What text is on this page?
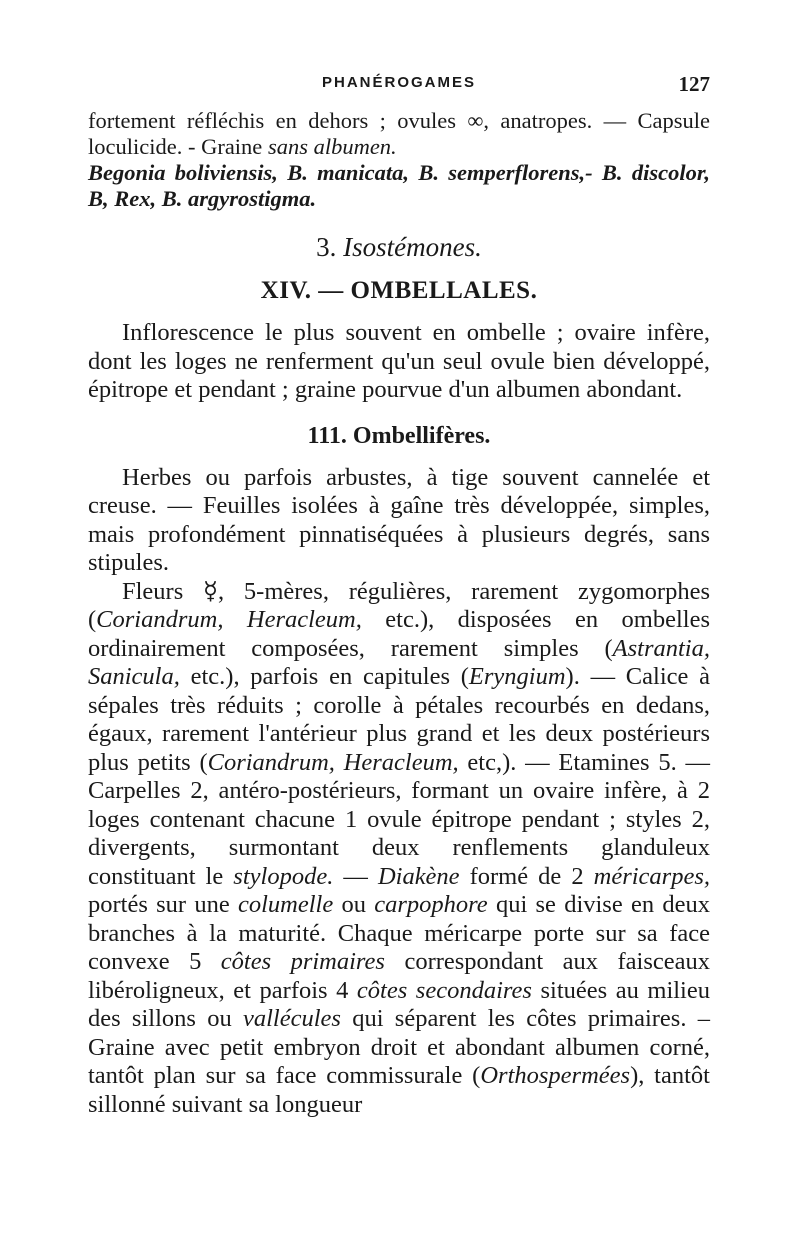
PHANÉROGAMES	127

fortement réfléchis en dehors ; ovules ∞, anatropes. — Capsule loculicide. - Graine sans albumen.

Begonia boliviensis, B. manicata, B. semperflorens,- B. discolor, B, Rex, B. argyrostigma.

3. Isostémones.
XIV. — OMBELLALES.

Inflorescence le plus souvent en ombelle ; ovaire infère, dont les loges ne renferment qu'un seul ovule bien développé, épitrope et pendant ; graine pourvue d'un albumen abondant.

111. Ombellifères.

Herbes ou parfois arbustes, à tige souvent cannelée et creuse. — Feuilles isolées à gaîne très développée, simples, mais profondément pinnatiséquées à plusieurs degrés, sans stipules.

Fleurs ☿, 5-mères, régulières, rarement zygomorphes (Coriandrum, Heracleum, etc.), disposées en ombelles ordinairement composées, rarement simples (Astrantia, Sanicula, etc.), parfois en capitules (Eryngium). — Calice à sépales très réduits ; corolle à pétales recourbés en dedans, égaux, rarement l'antérieur plus grand et les deux postérieurs plus petits (Coriandrum, Heracleum, etc,). — Etamines 5. — Carpelles 2, antéro-postérieurs, formant un ovaire infère, à 2 loges contenant chacune 1 ovule épitrope pendant ; styles 2, divergents, surmontant deux renflements glanduleux constituant le stylopode. — Diakène formé de 2 méricarpes, portés sur une columelle ou carpophore qui se divise en deux branches à la maturité. Chaque méricarpe porte sur sa face convexe 5 côtes primaires correspondant aux faisceaux libéroligneux, et parfois 4 côtes secondaires situées au milieu des sillons ou vallécules qui séparent les côtes primaires. – Graine avec petit embryon droit et abondant albumen corné, tantôt plan sur sa face commissurale (Orthospermées), tantôt sillonné suivant sa longueur
